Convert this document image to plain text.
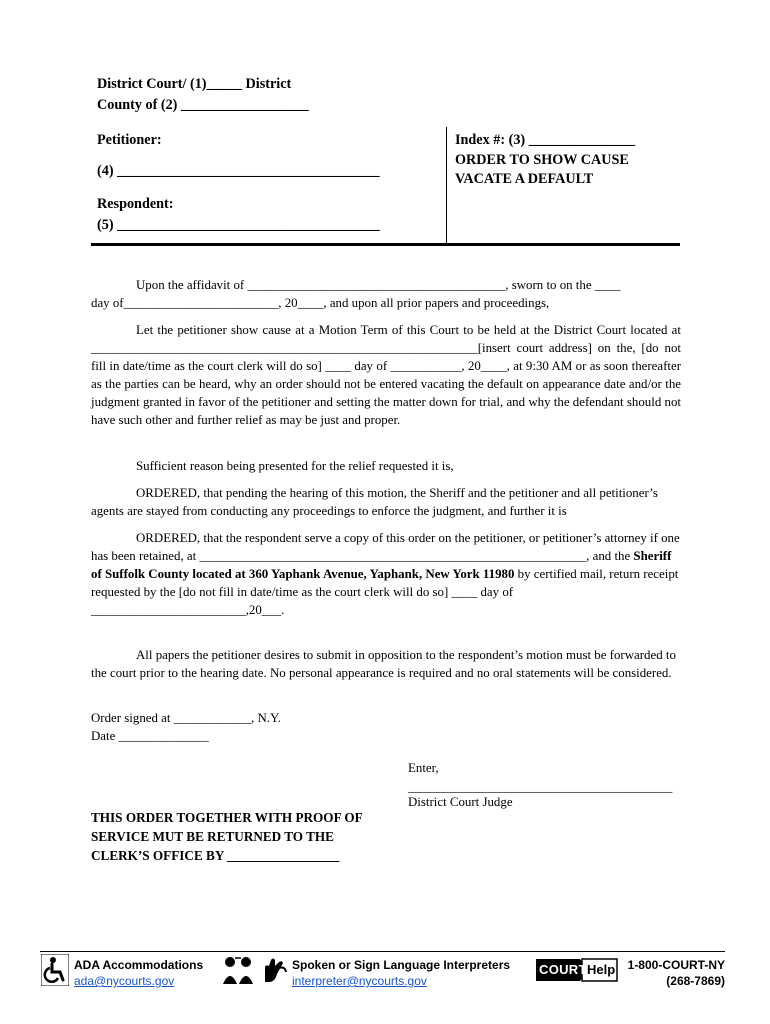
District Court/ (1)_____ District
County of (2) __________________
Petitioner:
(4) _____________________________________
Respondent:
(5) _____________________________________
Index #: (3) _______________
ORDER TO SHOW CAUSE
VACATE A DEFAULT

Upon the affidavit of ________________________________________, sworn to on the ____

day of________________________, 20____, and upon all prior papers and proceedings,

Let the petitioner show cause at a Motion Term of this Court to be held at the District Court located at ____________________________________________________________[insert court address] on the, [do not fill in date/time as the court clerk will do so] ____ day of ___________, 20____, at 9:30 AM or as soon thereafter as the parties can be heard, why an order should not be entered vacating the default on appearance date and/or the judgment granted in favor of the petitioner and setting the matter down for trial, and why the defendant should not have such other and further relief as may be just and proper.

Sufficient reason being presented for the relief requested it is,

ORDERED, that pending the hearing of this motion, the Sheriff and the petitioner and all petitioner’s agents are stayed from conducting any proceedings to enforce the judgment, and further it is

ORDERED, that the respondent serve a copy of this order on the petitioner, or petitioner’s attorney if one has been retained, at ____________________________________________________________, and the Sheriff of Suffolk County located at 360 Yaphank Avenue, Yaphank, New York 11980 by certified mail, return receipt requested by the [do not fill in date/time as the court clerk will do so] ____ day of ________________________,20___.

All papers the petitioner desires to submit in opposition to the respondent’s motion must be forwarded to the court prior to the hearing date. No personal appearance is required and no oral statements will be considered.

Order signed at ____________, N.Y.
Date ______________
Enter,
_________________________________________
District Court Judge
THIS ORDER TOGETHER WITH PROOF OF
SERVICE MUT BE RETURNED TO THE
CLERK’S OFFICE BY _________________
ADA Accommodations
ada@nycourts.gov
Spoken or Sign Language Interpreters
interpreter@nycourts.gov
COURT Help	1-800-COURT-NY
(268-7869)
